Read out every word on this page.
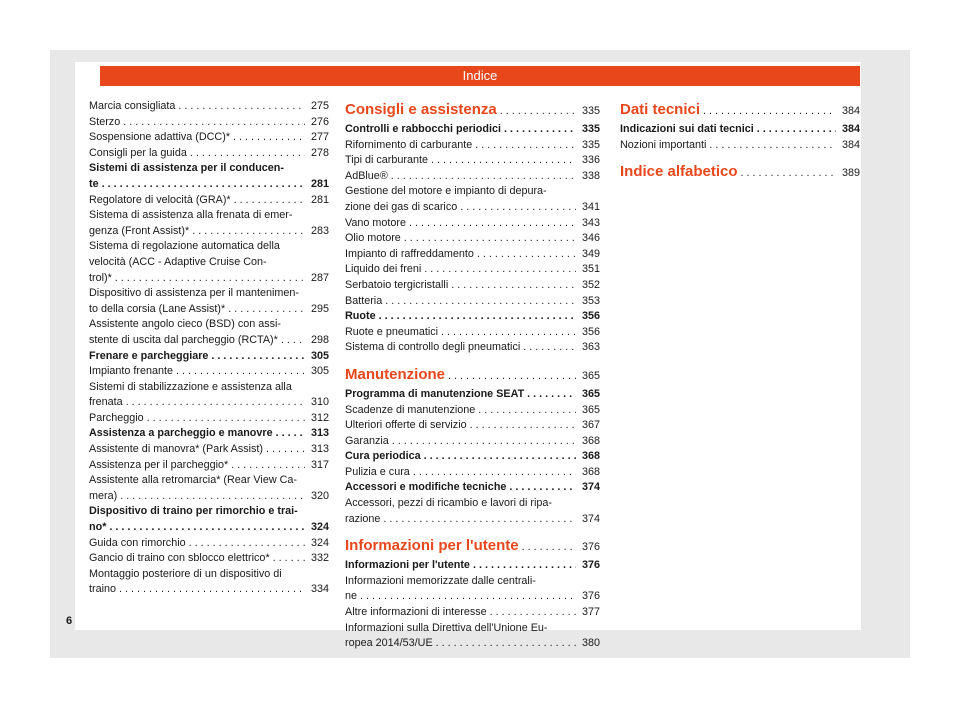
Indice
Marcia consigliata . . .	275
Sterzo . . .	276
Sospensione adattiva (DCC)* . . .	277
Consigli per la guida . . .	278
Sistemi di assistenza per il conducen-
te . . .	281
Regolatore di velocità (GRA)* . . .	281
Sistema di assistenza alla frenata di emer-
genza (Front Assist)* . . .	283
Sistema di regolazione automatica della
velocità (ACC - Adaptive Cruise Con-
trol)* . . .	287
Dispositivo di assistenza per il mantenimen-
to della corsia (Lane Assist)* . . .	295
Assistente angolo cieco (BSD) con assi-
stente di uscita dal parcheggio (RCTA)* . . .	298
Frenare e parcheggiare . . .	305
Impianto frenante . . .	305
Sistemi di stabilizzazione e assistenza alla
frenata . . .	310
Parcheggio . . .	312
Assistenza a parcheggio e manovre . . .	313
Assistente di manovra* (Park Assist) . . .	313
Assistenza per il parcheggio* . . .	317
Assistente alla retromarcia* (Rear View Ca-
mera) . . .	320
Dispositivo di traino per rimorchio e trai-
no* . . .	324
Guida con rimorchio . . .	324
Gancio di traino con sblocco elettrico* . . .	332
Montaggio posteriore di un dispositivo di
traino . . .	334
Consigli e assistenza . . .	335
Controlli e rabbocchi periodici . . .	335
Rifornimento di carburante . . .	335
Tipi di carburante . . .	336
AdBlue® . . .	338
Gestione del motore e impianto di depura-
zione dei gas di scarico . . .	341
Vano motore . . .	343
Olio motore . . .	346
Impianto di raffreddamento . . .	349
Liquido dei freni . . .	351
Serbatoio tergicristalli . . .	352
Batteria . . .	353
Ruote . . .	356
Ruote e pneumatici . . .	356
Sistema di controllo degli pneumatici . . .	363
Manutenzione . . .	365
Programma di manutenzione SEAT . . .	365
Scadenze di manutenzione . . .	365
Ulteriori offerte di servizio . . .	367
Garanzia . . .	368
Cura periodica . . .	368
Pulizia e cura . . .	368
Accessori e modifiche tecniche . . .	374
Accessori, pezzi di ricambio e lavori di ripa-
razione . . .	374
Informazioni per l'utente . . .	376
Informazioni per l'utente . . .	376
Informazioni memorizzate dalle centrali-
ne . . .	376
Altre informazioni di interesse . . .	377
Informazioni sulla Direttiva dell'Unione Eu-
ropea 2014/53/UE . . .	380
Dati tecnici . . .	384
Indicazioni sui dati tecnici . . .	384
Nozioni importanti . . .	384
Indice alfabetico . . .	389
6
